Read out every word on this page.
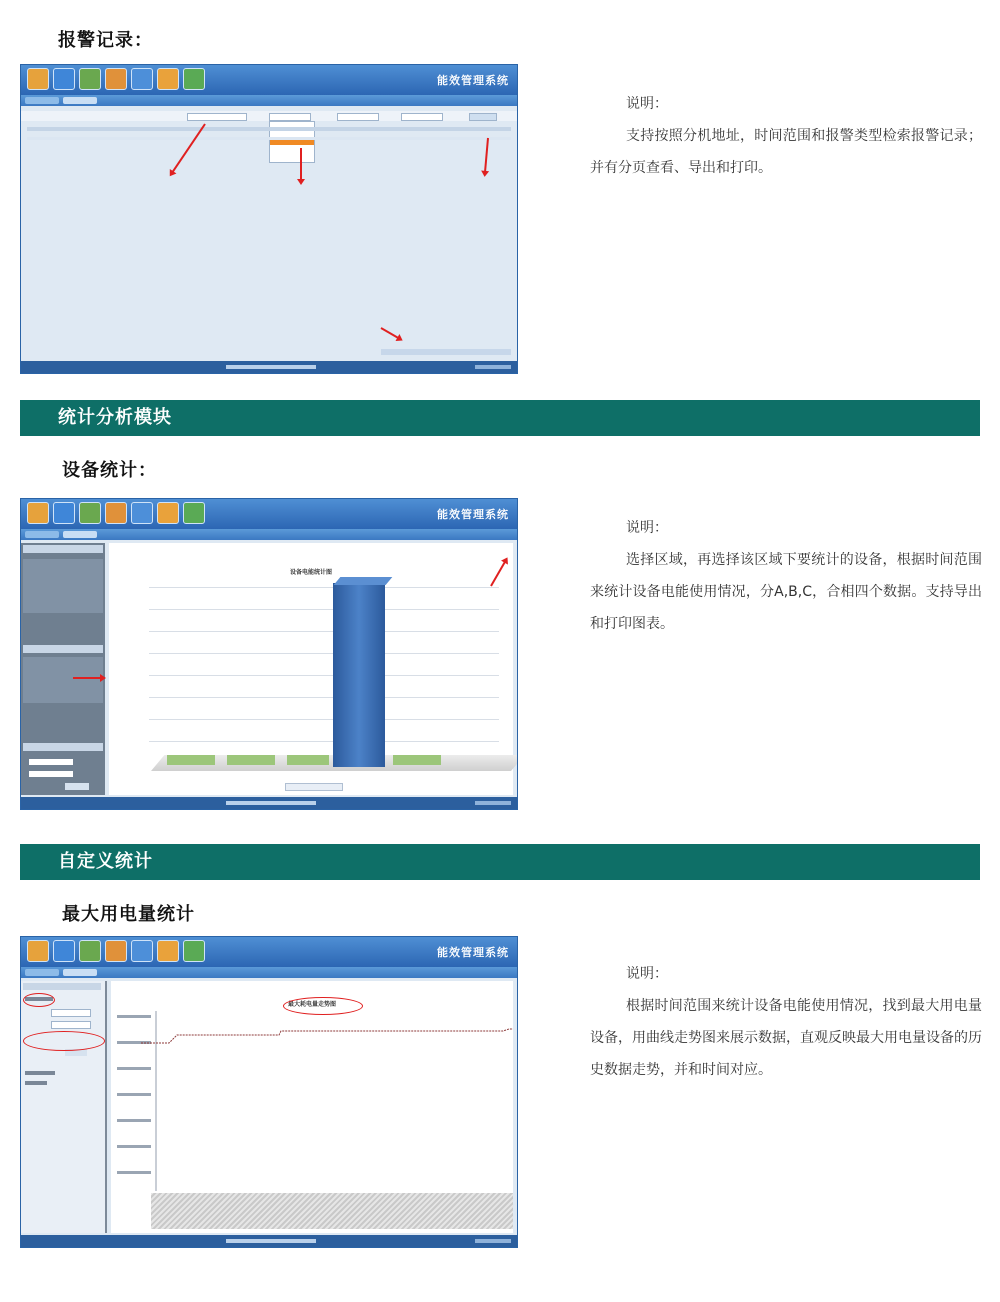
报警记录：
能效管理系统
说明：
支持按照分机地址，时间范围和报警类型检索报警记录；并有分页查看、导出和打印。
统计分析模块
设备统计：
能效管理系统
设备电能统计图
说明：
选择区域，再选择该区域下要统计的设备，根据时间范围来统计设备电能使用情况，分A,B,C，合相四个数据。支持导出和打印图表。
自定义统计
最大用电量统计
能效管理系统
最大耗电量走势图
说明：
根据时间范围来统计设备电能使用情况，找到最大用电量设备，用曲线走势图来展示数据，直观反映最大用电量设备的历史数据走势，并和时间对应。
